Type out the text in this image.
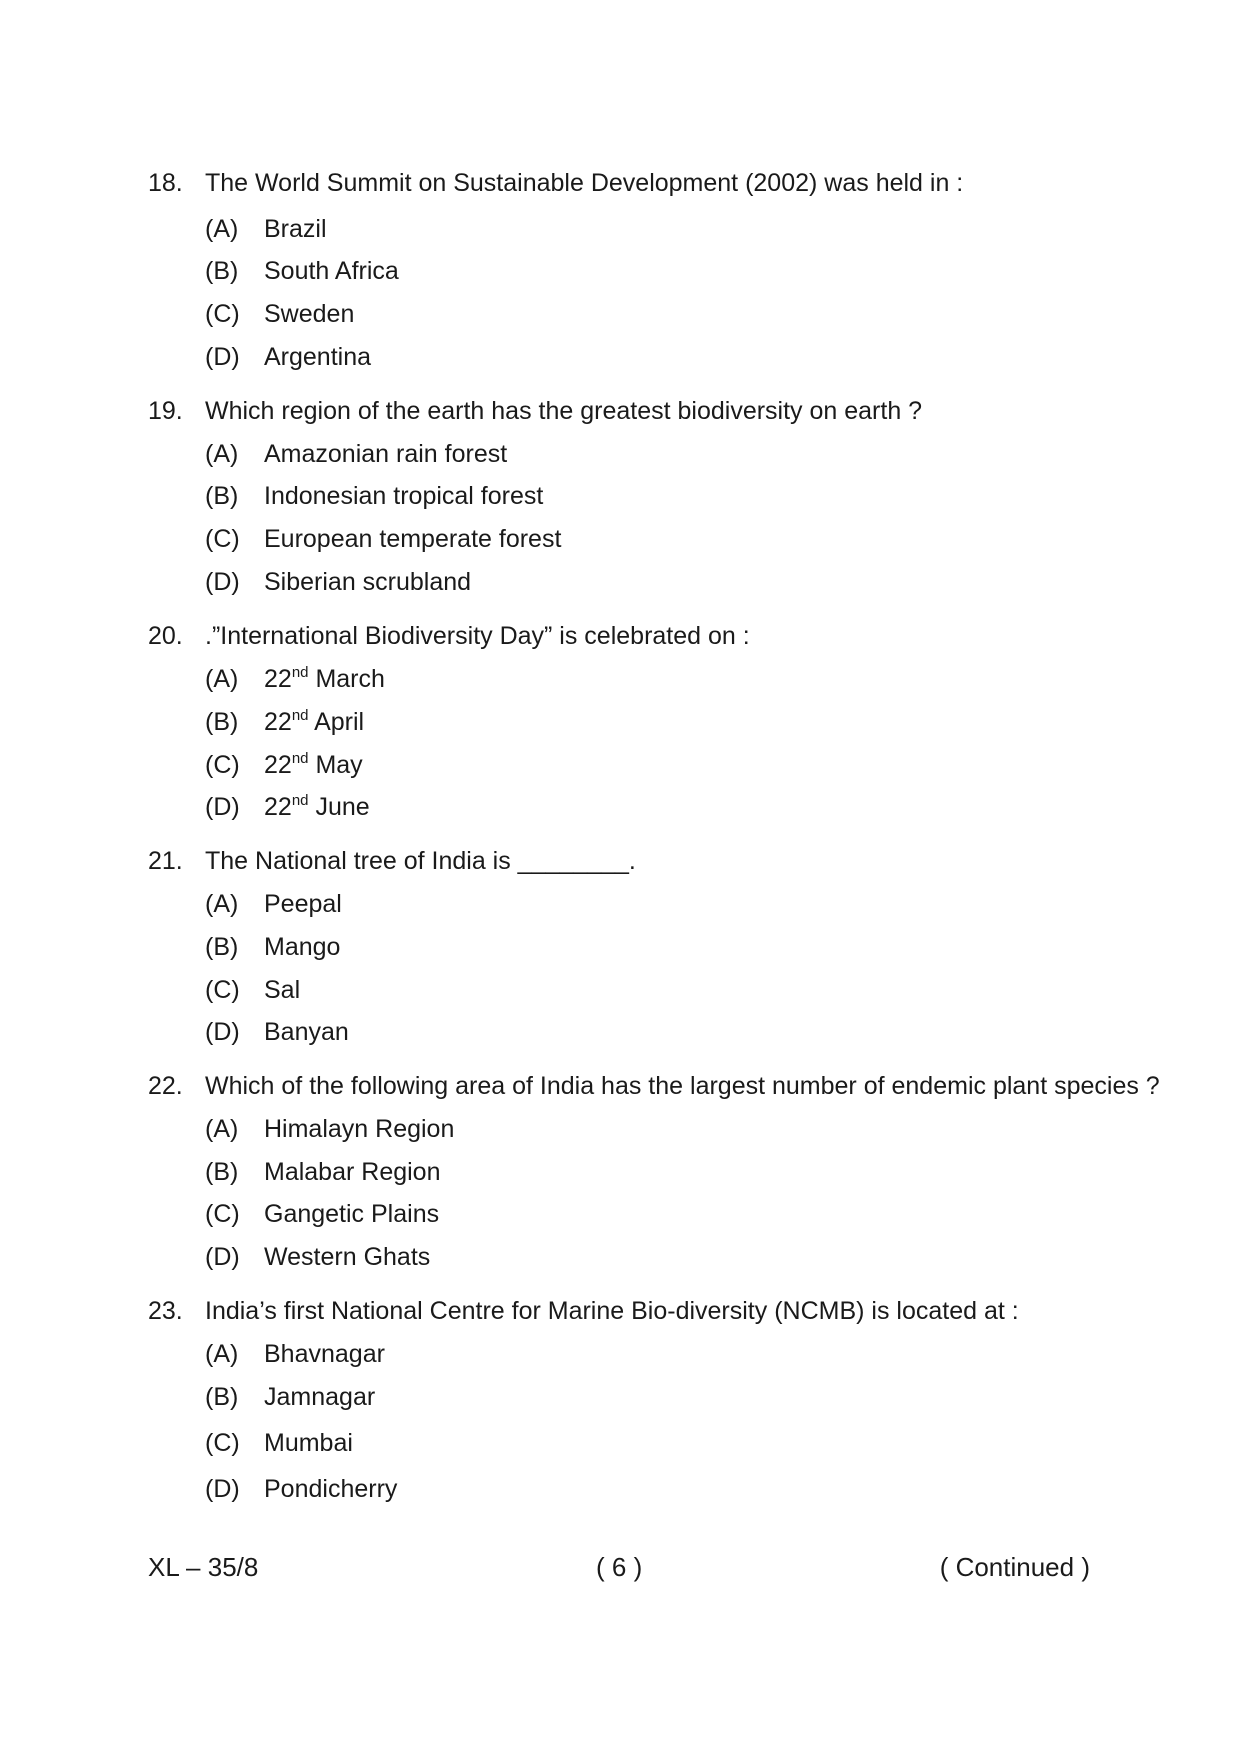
18. The World Summit on Sustainable Development (2002) was held in :
(A) Brazil
(B) South Africa
(C) Sweden
(D) Argentina
19. Which region of the earth has the greatest biodiversity on earth ?
(A) Amazonian rain forest
(B) Indonesian tropical forest
(C) European temperate forest
(D) Siberian scrubland
20. .”International Biodiversity Day” is celebrated on :
(A) 22nd March
(B) 22nd April
(C) 22nd May
(D) 22nd June
21. The National tree of India is ________.
(A) Peepal
(B) Mango
(C) Sal
(D) Banyan
22. Which of the following area of India has the largest number of endemic plant species ?
(A) Himalayn Region
(B) Malabar Region
(C) Gangetic Plains
(D) Western Ghats
23. India’s first National Centre for Marine Bio-diversity (NCMB) is located at :
(A) Bhavnagar
(B) Jamnagar
(C) Mumbai
(D) Pondicherry
XL – 35/8	( 6 )	( Continued )
